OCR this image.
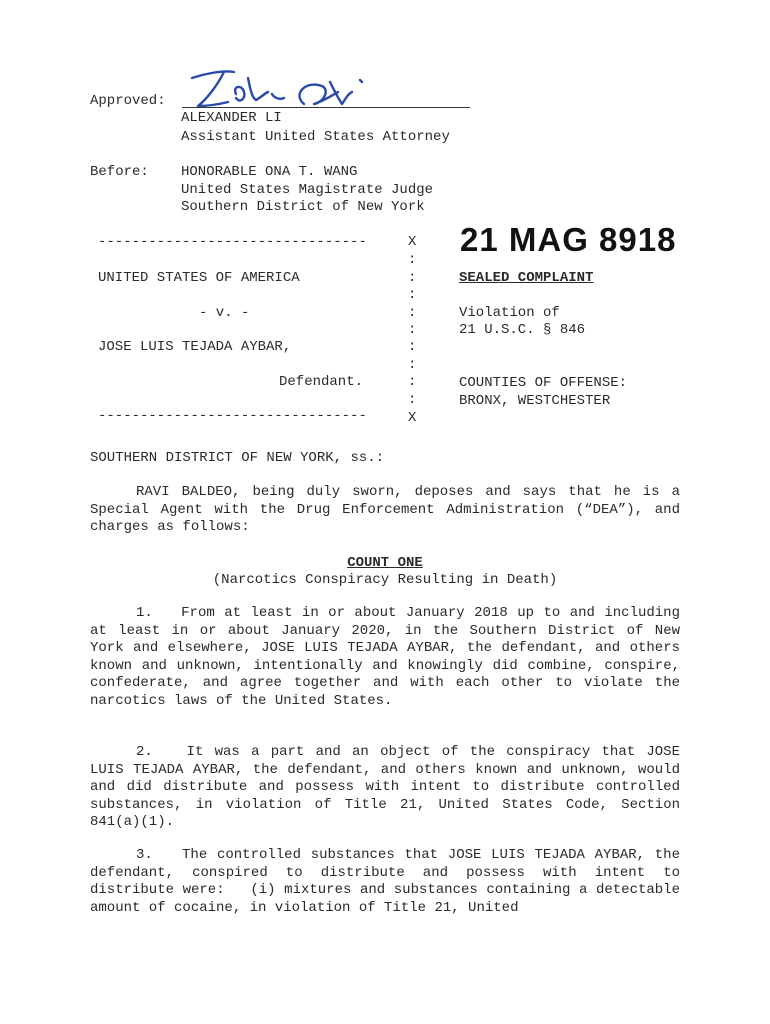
Approved:
ALEXANDER LI
Assistant United States Attorney
Before: HONORABLE ONA T. WANG
United States Magistrate Judge
Southern District of New York
21 MAG 8918
--------------------------------
UNITED STATES OF AMERICA
- v. -
JOSE LUIS TEJADA AYBAR,
Defendant.
--------------------------------
X
:
:
:
:
:
:
:
:
:
X
SEALED COMPLAINT
Violation of
21 U.S.C. § 846
COUNTIES OF OFFENSE:
BRONX, WESTCHESTER
SOUTHERN DISTRICT OF NEW YORK, ss.:
RAVI BALDEO, being duly sworn, deposes and says that he is a Special Agent with the Drug Enforcement Administration (“DEA”), and charges as follows:
COUNT ONE
(Narcotics Conspiracy Resulting in Death)
1.   From at least in or about January 2018 up to and including at least in or about January 2020, in the Southern District of New York and elsewhere, JOSE LUIS TEJADA AYBAR, the defendant, and others known and unknown, intentionally and knowingly did combine, conspire, confederate, and agree together and with each other to violate the narcotics laws of the United States.
2.   It was a part and an object of the conspiracy that JOSE LUIS TEJADA AYBAR, the defendant, and others known and unknown, would and did distribute and possess with intent to distribute controlled substances, in violation of Title 21, United States Code, Section 841(a)(1).
3.   The controlled substances that JOSE LUIS TEJADA AYBAR, the defendant, conspired to distribute and possess with intent to distribute were:   (i) mixtures and substances containing a detectable amount of cocaine, in violation of Title 21, United
